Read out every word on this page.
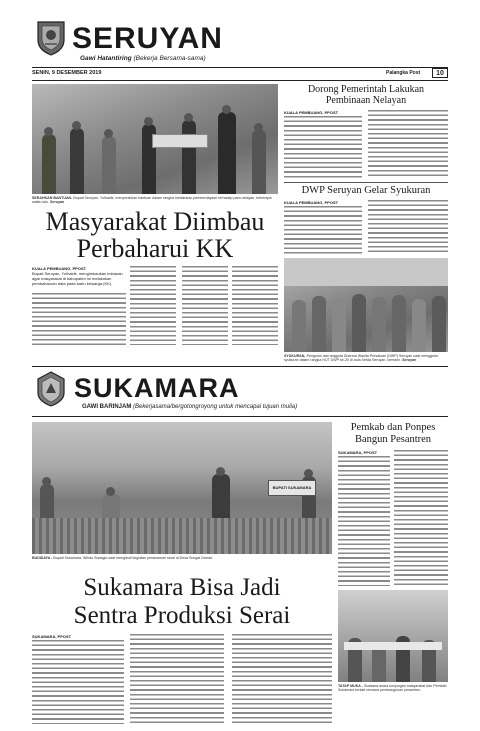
SERUYAN
Gawi Hatantiring (Bekerja Bersama-sama)
SENIN, 9 DESEMBER 2019	Palangka Post	10
SERAHKAN BANTUAN- Bupati Seruyan, Yulhaidir, menyerahkan bantuan dalam rangka melakukan pemberdayaan terhadap para nelayan, beberapa waktu lalu. Seruyan
Masyarakat Diimbau
Perbaharui KK
KUALA PEMBUANG, PPOST
Bupati Seruyan, Yulhaidir, mengimbaukan imbauan agar masyarakat di kabupaten ini melakukan pembaharuan data pada kartu keluarga (KK).
Dorong Pemerintah Lakukan
Pembinaan Nelayan
KUALA PEMBUANG, PPOST
DWP Seruyan Gelar Syukuran
KUALA PEMBUANG, PPOST
SYUKURAN- Pengurus dan anggota Dharma Wanita Persatuan (DWP) Seruyan saat menggelar syukuran dalam rangka HUT DWP ke-20 di aula Setda Seruyan, kemarin. Seruyan
SUKAMARA
GAWI BARINJAM (Bekerjasama/bergotongroyong untuk mencapai tujuan mulia)
BUPATI SUKAMARA
BUDIDAYA - Bupati Sukamara, Windu Subagio saat mengikuti kegiatan penanaman serai di Desa Sungai Damar.
Sukamara Bisa Jadi
Sentra Produksi Serai
SUKAMARA, PPOST
Pemkab dan Ponpes
Bangun Pesantren
SUKAMARA, PPOST
TATAP MUKA - Suasana acara kunjungan masyarakat dan Pemkab Sukamara terkait rencana pembangunan pesantren.
